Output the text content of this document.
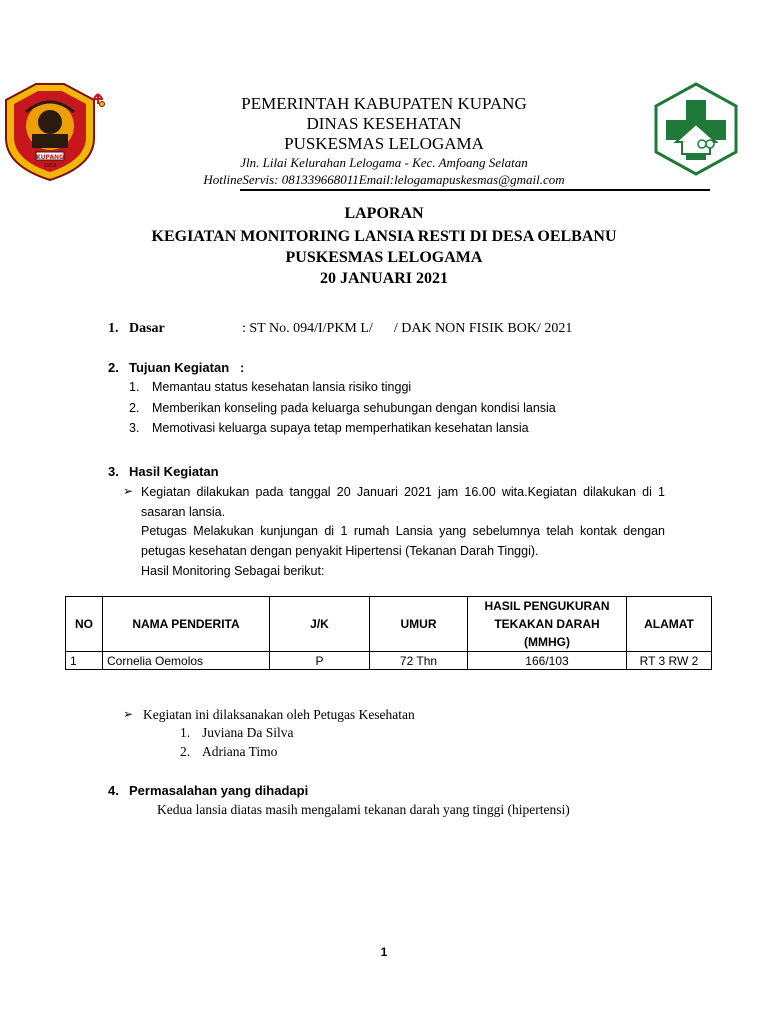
KUPANG
1958
PEMERINTAH KABUPATEN KUPANG
DINAS KESEHATAN
PUSKESMAS LELOGAMA
Jln. Lilai Kelurahan Lelogama - Kec. Amfoang Selatan
HotlineServis: 081339668011Email:lelogamapuskesmas@gmail.com
LAPORAN
KEGIATAN MONITORING LANSIA RESTI DI DESA OELBANU
PUSKESMAS LELOGAMA
20 JANUARI 2021
1. Dasar	: ST No. 094/I/PKM L/      / DAK NON FISIK BOK/ 2021
2. Tujuan Kegiatan   :
1. Memantau status kesehatan lansia risiko tinggi
2. Memberikan konseling pada keluarga sehubungan dengan kondisi lansia
3. Memotivasi keluarga supaya tetap memperhatikan kesehatan lansia
3. Hasil Kegiatan
➢ Kegiatan dilakukan pada tanggal 20 Januari 2021 jam 16.00 wita.Kegiatan dilakukan di 1
sasaran lansia.
Petugas Melakukan kunjungan di 1 rumah Lansia yang sebelumnya telah kontak dengan
petugas kesehatan dengan penyakit Hipertensi (Tekanan Darah Tinggi).
Hasil Monitoring Sebagai berikut:
NO	NAMA PENDERITA	J/K	UMUR	HASIL PENGUKURAN TEKAKAN DARAH (MMHG)	ALAMAT
1	Cornelia Oemolos	P	72 Thn	166/103	RT 3 RW 2
➢ Kegiatan ini dilaksanakan oleh Petugas Kesehatan
1. Juviana Da Silva
2. Adriana Timo
4. Permasalahan yang dihadapi
Kedua lansia diatas masih mengalami tekanan darah yang tinggi (hipertensi)
1
